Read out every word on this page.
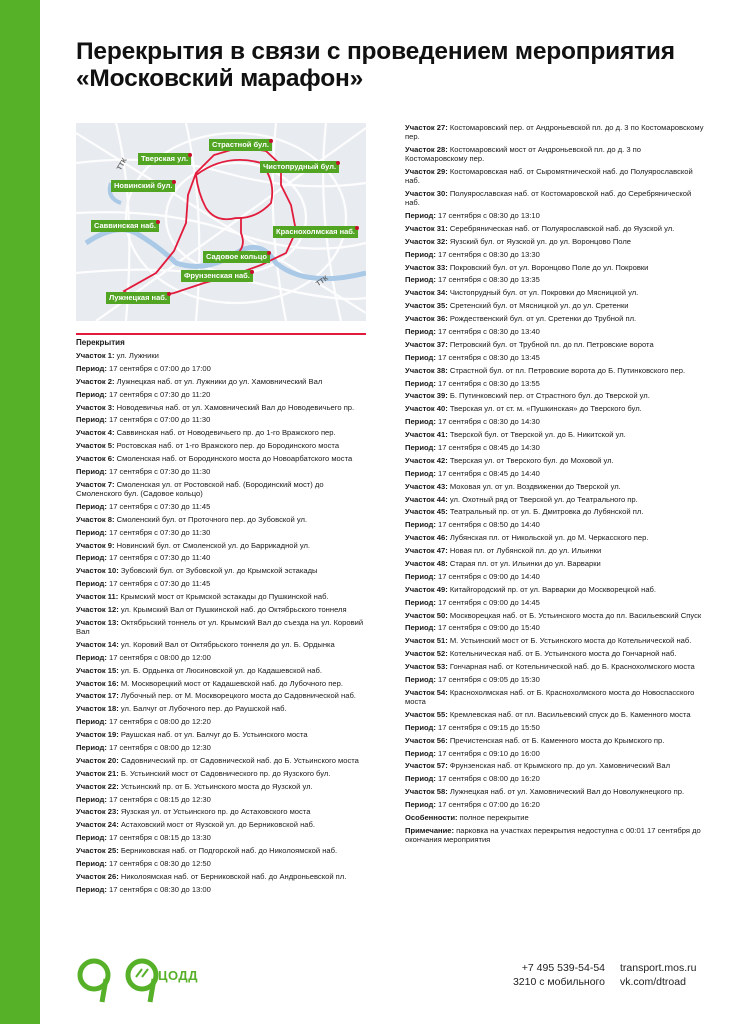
Перекрытия в связи с проведением мероприятия
«Московский марафон»
Тверская ул.
Страстной бул.
Чистопрудный бул.
Новинский бул.
Саввинская наб.
Краснохолмская наб.
Садовое кольцо
Фрунзенская наб.
Лужнецкая наб.
ТТК
ТТК
Перекрытия
Участок 1: ул. Лужники
Период: 17 сентября с 07:00 до 17:00
Участок 2: Лужнецкая наб. от ул. Лужники до ул. Хамовнический Вал
Период: 17 сентября с 07:30 до 11:20
Участок 3: Новодевичья наб. от ул. Хамовнический Вал до Новодевичьего пр.
Период: 17 сентября с 07:00 до 11:30
Участок 4: Саввинская наб. от Новодевичьего пр. до 1-го Вражского пер.
Участок 5: Ростовская наб. от 1-го Вражского пер. до Бородинского моста
Участок 6: Смоленская наб. от Бородинского моста до Новоарбатского моста
Период: 17 сентября с 07:30 до 11:30
Участок 7: Смоленская ул. от Ростовской наб. (Бородинский мост) до Смоленского бул. (Садовое кольцо)
Период: 17 сентября с 07:30 до 11:45
Участок 8: Смоленский бул. от Проточного пер. до Зубовской ул.
Период: 17 сентября с 07:30 до 11:30
Участок 9: Новинский бул. от Смоленской ул. до Баррикадной ул.
Период: 17 сентября с 07:30 до 11:40
Участок 10: Зубовский бул. от Зубовской ул. до Крымской эстакады
Период: 17 сентября с 07:30 до 11:45
Участок 11: Крымский мост от Крымской эстакады до Пушкинской наб.
Участок 12: ул. Крымский Вал от Пушкинской наб. до Октябрьского тоннеля
Участок 13: Октябрьский тоннель от ул. Крымский Вал до съезда на ул. Коровий Вал
Участок 14: ул. Коровий Вал от Октябрьского тоннеля до ул. Б. Ордынка
Период: 17 сентября с 08:00 до 12:00
Участок 15: ул. Б. Ордынка от Люсиновской ул. до Кадашевской наб.
Участок 16: М. Москворецкий мост от Кадашевской наб. до Лубочного пер.
Участок 17: Лубочный пер. от М. Москворецкого моста до Садовнической наб.
Участок 18: ул. Балчуг от Лубочного пер. до Раушской наб.
Период: 17 сентября с 08:00 до 12:20
Участок 19: Раушская наб. от ул. Балчуг до Б. Устьинского моста
Период: 17 сентября с 08:00 до 12:30
Участок 20: Садовнический пр. от Садовнической наб. до Б. Устьинского моста
Участок 21: Б. Устьинский мост от Садовнического пр. до Яузского бул.
Участок 22: Устьинский пр. от Б. Устьинского моста до Яузской ул.
Период: 17 сентября с 08:15 до 12:30
Участок 23: Яузская ул. от Устьинского пр. до Астаховского моста
Участок 24: Астаховский мост от Яузской ул. до Берниковской наб.
Период: 17 сентября с 08:15 до 13:30
Участок 25: Берниковская наб. от Подгорской наб. до Николоямской наб.
Период: 17 сентября с 08:30 до 12:50
Участок 26: Николоямская наб. от Берниковской наб. до Андроньевской пл.
Период: 17 сентября с 08:30 до 13:00
Участок 27: Костомаровский пер. от Андроньевской пл. до д. 3 по Костомаровскому пер.
Участок 28: Костомаровский мост от Андроньевской пл. до д. 3 по Костомаровскому пер.
Участок 29: Костомаровская наб. от Сыромятнической наб. до Полуярославской наб.
Участок 30: Полуярославская наб. от Костомаровской наб. до Серебрянической наб.
Период: 17 сентября с 08:30 до 13:10
Участок 31: Серебряническая наб. от Полуярославской наб. до Яузской ул.
Участок 32: Яузский бул. от Яузской ул. до ул. Воронцово Поле
Период: 17 сентября с 08:30 до 13:30
Участок 33: Покровский бул. от ул. Воронцово Поле до ул. Покровки
Период: 17 сентября с 08:30 до 13:35
Участок 34: Чистопрудный бул. от ул. Покровки до Мясницкой ул.
Участок 35: Сретенский бул. от Мясницкой ул. до ул. Сретенки
Участок 36: Рождественский бул. от ул. Сретенки до Трубной пл.
Период: 17 сентября с 08:30 до 13:40
Участок 37: Петровский бул. от Трубной пл. до пл. Петровские ворота
Период: 17 сентября с 08:30 до 13:45
Участок 38: Страстной бул. от пл. Петровские ворота до Б. Путинковского пер.
Период: 17 сентября с 08:30 до 13:55
Участок 39: Б. Путинковский пер. от Страстного бул. до Тверской ул.
Участок 40: Тверская ул. от ст. м. «Пушкинская» до Тверского бул.
Период: 17 сентября с 08:30 до 14:30
Участок 41: Тверской бул. от Тверской ул. до Б. Никитской ул.
Период: 17 сентября с 08:45 до 14:30
Участок 42: Тверская ул. от Тверского бул. до Моховой ул.
Период: 17 сентября с 08:45 до 14:40
Участок 43: Моховая ул. от ул. Воздвиженки до Тверской ул.
Участок 44: ул. Охотный ряд от Тверской ул. до Театрального пр.
Участок 45: Театральный пр. от ул. Б. Дмитровка до Лубянской пл.
Период: 17 сентября с 08:50 до 14:40
Участок 46: Лубянская пл. от Никольской ул. до М. Черкасского пер.
Участок 47: Новая пл. от Лубянской пл. до ул. Ильинки
Участок 48: Старая пл. от ул. Ильинки до ул. Варварки
Период: 17 сентября с 09:00 до 14:40
Участок 49: Китайгородский пр. от ул. Варварки до Москворецкой наб.
Период: 17 сентября с 09:00 до 14:45
Участок 50: Москворецкая наб. от Б. Устьинского моста до пл. Васильевский Спуск
Период: 17 сентября с 09:00 до 15:40
Участок 51: М. Устьинский мост от Б. Устьинского моста до Котельнической наб.
Участок 52: Котельническая наб. от Б. Устьинского моста до Гончарной наб.
Участок 53: Гончарная наб. от Котельнической наб. до Б. Краснохолмского моста
Период: 17 сентября с 09:05 до 15:30
Участок 54: Краснохолмская наб. от Б. Краснохолмского моста до Новоспасского моста
Участок 55: Кремлевская наб. от пл. Васильевский спуск до Б. Каменного моста
Период: 17 сентября с 09:15 до 15:50
Участок 56: Пречистенская наб. от Б. Каменного моста до Крымского пр.
Период: 17 сентября с 09:10 до 16:00
Участок 57: Фрунзенская наб. от Крымского пр. до ул. Хамовнический Вал
Период: 17 сентября с 08:00 до 16:20
Участок 58: Лужнецкая наб. от ул. Хамовнический Вал до Новолужнецкого пр.
Период: 17 сентября с 07:00 до 16:20
Особенности: полное перекрытие
Примечание: парковка на участках перекрытия недоступна с 00:01 17 сентября до окончания мероприятия
ЦОДД	+7 495 539-54-54
3210 с мобильного
transport.mos.ru
vk.com/dtroad
